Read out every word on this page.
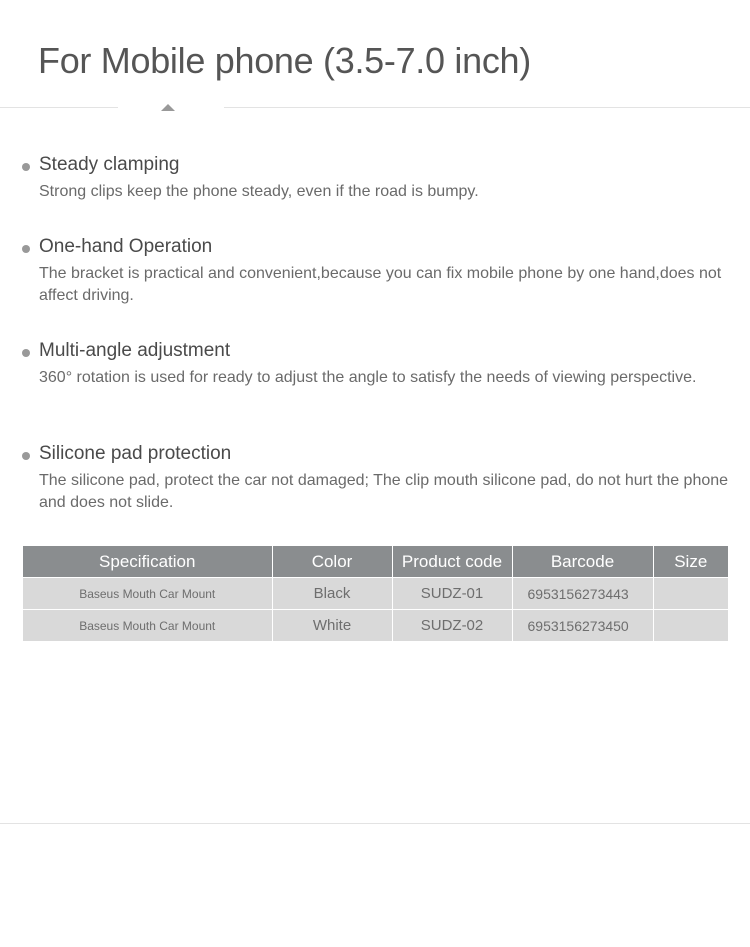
For Mobile phone (3.5-7.0 inch)
Steady clamping

Strong clips keep the phone steady, even if the road is bumpy.

One-hand Operation

The bracket is practical and convenient,because you can fix mobile phone by one hand,does not affect driving.

Multi-angle adjustment

360° rotation is used for ready to adjust the angle to satisfy the needs of viewing perspective.

Silicone pad protection

The silicone pad, protect the car not damaged; The clip mouth silicone pad, do not hurt the phone and does not slide.

Specification	Color	Product code	Barcode	Size
Baseus Mouth Car Mount	Black	SUDZ-01	6953156273443	
Baseus Mouth Car Mount	White	SUDZ-02	6953156273450	
